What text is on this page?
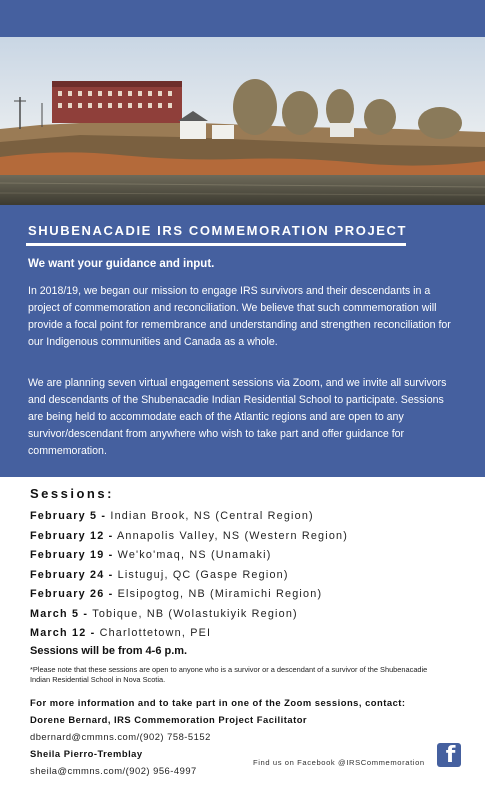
SHUBENACADIE IRS COMMEMORATION PROJECT

We want your guidance and input.

In 2018/19, we began our mission to engage IRS survivors and their descendants in a project of commemoration and reconciliation. We believe that such commemoration will provide a focal point for remembrance and understanding and strengthen reconciliation for our Indigenous communities and Canada as a whole.

We are planning seven virtual engagement sessions via Zoom, and we invite all survivors and descendants of the Shubenacadie Indian Residential School to participate. Sessions are being held to accommodate each of the Atlantic regions and are open to any survivor/descendant from anywhere who wish to take part and offer guidance for commemoration.

Sessions:
February 5 - Indian Brook, NS (Central Region)
February 12 - Annapolis Valley, NS (Western Region)
February 19 - We'ko'maq, NS (Unamaki)
February 24 - Listuguj, QC (Gaspe Region)
February 26 - Elsipogtog, NB (Miramichi Region)
March 5 - Tobique, NB (Wolastukiyik Region)
March 12 - Charlottetown, PEI

Sessions will be from 4-6 p.m.

*Please note that these sessions are open to anyone who is a survivor or a descendant of a survivor of the Shubenacadie Indian Residential School in Nova Scotia.

For more information and to take part in one of the Zoom sessions, contact:
Dorene Bernard, IRS Commemoration Project Facilitator
dbernard@cmmns.com/(902) 758-5152
Sheila Pierro-Tremblay
sheila@cmmns.com/(902) 956-4997

Find us on Facebook @IRSCommemoration f
